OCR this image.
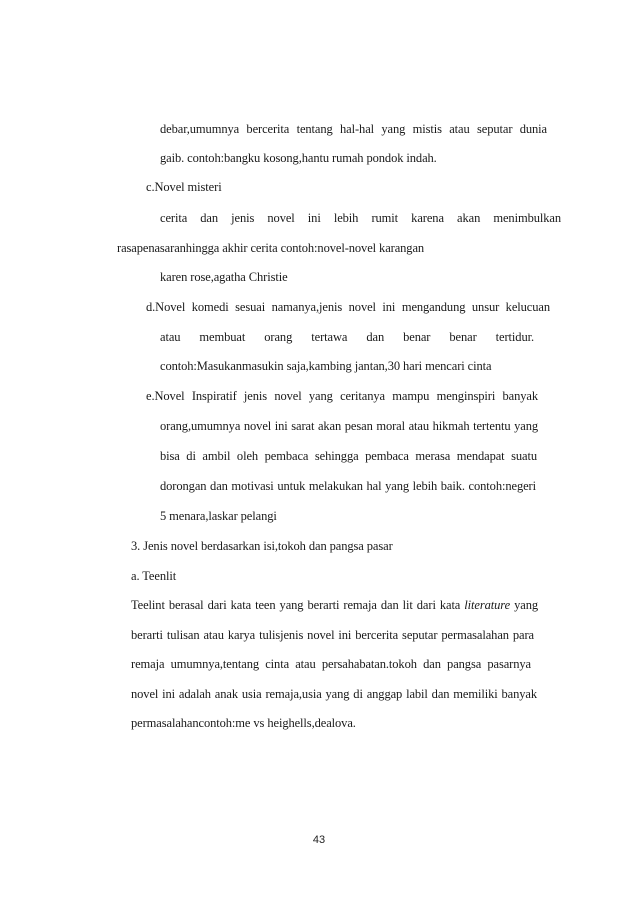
debar,umumnya bercerita tentang hal-hal yang mistis atau seputar dunia
gaib. contoh:bangku kosong,hantu rumah pondok indah.
c.Novel misteri
cerita dan jenis novel ini lebih rumit karena akan menimbulkan
rasapenasaranhingga akhir cerita contoh:novel-novel karangan
karen rose,agatha Christie
d.Novel komedi sesuai namanya,jenis novel ini mengandung unsur kelucuan
atau membuat orang tertawa dan benar benar tertidur.
contoh:Masukanmasukin saja,kambing jantan,30 hari mencari cinta
e.Novel Inspiratif jenis novel yang ceritanya mampu menginspiri banyak
orang,umumnya novel ini sarat akan pesan moral atau hikmah tertentu yang
bisa di ambil oleh pembaca sehingga pembaca merasa mendapat suatu
dorongan dan motivasi untuk melakukan hal yang lebih baik. contoh:negeri
5 menara,laskar pelangi
3. Jenis novel berdasarkan isi,tokoh dan pangsa pasar
a. Teenlit
Teelint berasal dari kata teen yang berarti remaja dan lit dari kata literature yang
berarti tulisan atau karya tulisjenis novel ini bercerita seputar permasalahan para
remaja umumnya,tentang cinta atau persahabatan.tokoh dan pangsa pasarnya
novel ini adalah anak usia remaja,usia yang di anggap labil dan memiliki banyak
permasalahancontoh:me vs heighells,dealova.
43
